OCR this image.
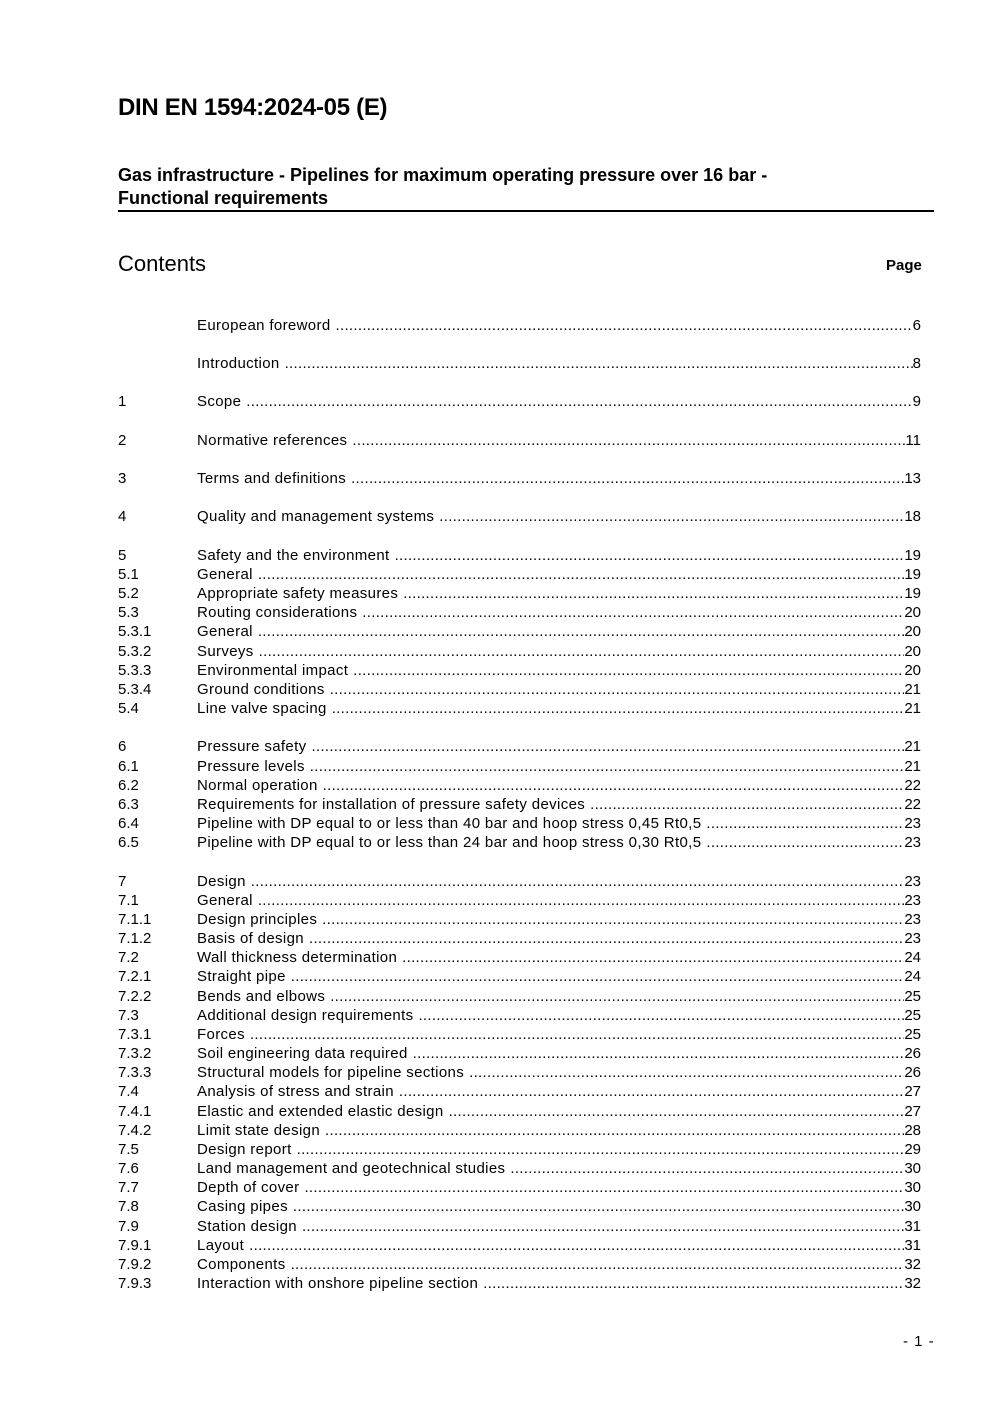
DIN EN 1594:2024-05 (E)
Gas infrastructure - Pipelines for maximum operating pressure over 16 bar -
Functional requirements
Contents	Page
European foreword .....	6
Introduction .....	8
1	Scope .....	9
2	Normative references .....	11
3	Terms and definitions .....	13
4	Quality and management systems .....	18
5	Safety and the environment .....	19
5.1	General .....	19
5.2	Appropriate safety measures .....	19
5.3	Routing considerations .....	20
5.3.1	General .....	20
5.3.2	Surveys .....	20
5.3.3	Environmental impact .....	20
5.3.4	Ground conditions .....	21
5.4	Line valve spacing .....	21
6	Pressure safety .....	21
6.1	Pressure levels .....	21
6.2	Normal operation .....	22
6.3	Requirements for installation of pressure safety devices .....	22
6.4	Pipeline with DP equal to or less than 40 bar and hoop stress 0,45 Rt0,5 .....	23
6.5	Pipeline with DP equal to or less than 24 bar and hoop stress 0,30 Rt0,5 .....	23
7	Design .....	23
7.1	General .....	23
7.1.1	Design principles .....	23
7.1.2	Basis of design .....	23
7.2	Wall thickness determination .....	24
7.2.1	Straight pipe .....	24
7.2.2	Bends and elbows .....	25
7.3	Additional design requirements .....	25
7.3.1	Forces .....	25
7.3.2	Soil engineering data required .....	26
7.3.3	Structural models for pipeline sections .....	26
7.4	Analysis of stress and strain .....	27
7.4.1	Elastic and extended elastic design .....	27
7.4.2	Limit state design .....	28
7.5	Design report .....	29
7.6	Land management and geotechnical studies .....	30
7.7	Depth of cover .....	30
7.8	Casing pipes .....	30
7.9	Station design .....	31
7.9.1	Layout .....	31
7.9.2	Components .....	32
7.9.3	Interaction with onshore pipeline section .....	32
- 1 -
